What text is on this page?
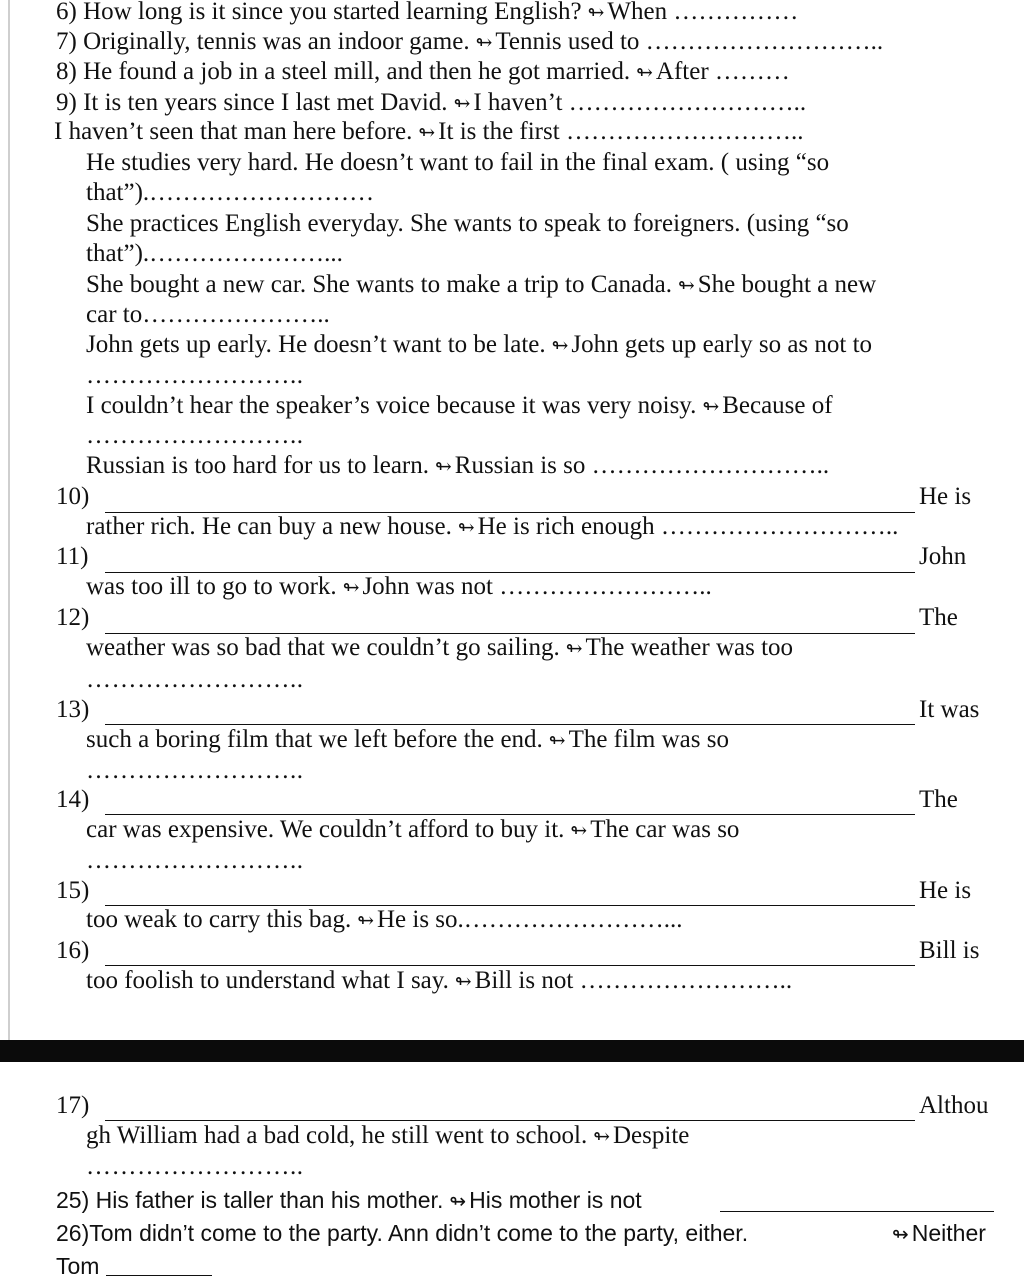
6) How long is it since you started learning English? ↬ When ……………
7) Originally, tennis was an indoor game. ↬ Tennis used to ………………………..
8) He found a job in a steel mill, and then he got married. ↬ After ………
9) It is ten years since I last met David. ↬ I haven’t ………………………..
I haven’t seen that man here before. ↬ It is the first ………………………..
He studies very hard. He doesn’t want to fail in the final exam. ( using “so
that”).………………………
She practices English everyday. She wants to speak to foreigners. (using “so
that”).…………………...
She bought a new car. She wants to make a trip to Canada. ↬ She bought a new
car to…………………..
John gets up early. He doesn’t want to be late. ↬ John gets up early so as not to
……………………..
I couldn’t hear the speaker’s voice because it was very noisy. ↬ Because of
……………………..
Russian is too hard for us to learn. ↬ Russian is so ………………………..
10)	He is
rather rich. He can buy a new house. ↬ He is rich enough ………………………..
11)	John
was too ill to go to work. ↬ John was not ……………………..
12)	The
weather was so bad that we couldn’t go sailing. ↬ The weather was too
……………………..
13)	It was
such a boring film that we left before the end. ↬ The film was so
……………………..
14)	The
car was expensive. We couldn’t afford to buy it. ↬ The car was so
……………………..
15)	He is
too weak to carry this bag. ↬ He is so.……………………...
16)	Bill is
too foolish to understand what I say. ↬ Bill is not ……………………..
17)	Althou
gh William had a bad cold, he still went to school. ↬ Despite
……………………..
25) His father is taller than his mother. ↬ His mother is not
26)Tom didn’t come to the party. Ann didn’t come to the party, either.	↬ Neither
Tom
